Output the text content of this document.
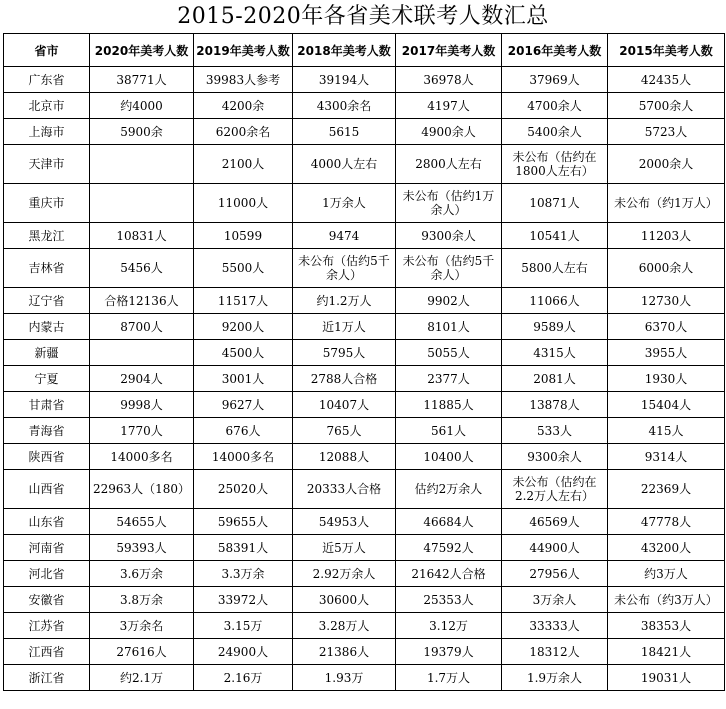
2015-2020年各省美术联考人数汇总
省市	2020年美考人数	2019年美考人数	2018年美考人数	2017年美考人数	2016年美考人数	2015年美考人数
广东省	38771人	39983人参考	39194人	36978人	37969人	42435人
北京市	约4000	4200余	4300余名	4197人	4700余人	5700余人
上海市	5900余	6200余名	5615	4900余人	5400余人	5723人
天津市		2100人	4000人左右	2800人左右	未公布（估约在1800人左右）	2000余人
重庆市		11000人	1万余人	未公布（估约1万余人）	10871人	未公布（约1万人）
黑龙江	10831人	10599	9474	9300余人	10541人	11203人
吉林省	5456人	5500人	未公布（估约5千余人）	未公布（估约5千余人）	5800人左右	6000余人
辽宁省	合格12136人	11517人	约1.2万人	9902人	11066人	12730人
内蒙古	8700人	9200人	近1万人	8101人	9589人	6370人
新疆		4500人	5795人	5055人	4315人	3955人
宁夏	2904人	3001人	2788人合格	2377人	2081人	1930人
甘肃省	9998人	9627人	10407人	11885人	13878人	15404人
青海省	1770人	676人	765人	561人	533人	415人
陕西省	14000多名	14000多名	12088人	10400人	9300余人	9314人
山西省	22963人（180）	25020人	20333人合格	估约2万余人	未公布（估约在2.2万人左右）	22369人
山东省	54655人	59655人	54953人	46684人	46569人	47778人
河南省	59393人	58391人	近5万人	47592人	44900人	43200人
河北省	3.6万余	3.3万余	2.92万余人	21642人合格	27956人	约3万人
安徽省	3.8万余	33972人	30600人	25353人	3万余人	未公布（约3万人）
江苏省	3万余名	3.15万	3.28万人	3.12万	33333人	38353人
江西省	27616人	24900人	21386人	19379人	18312人	18421人
浙江省	约2.1万	2.16万	1.93万	1.7万人	1.9万余人	19031人
